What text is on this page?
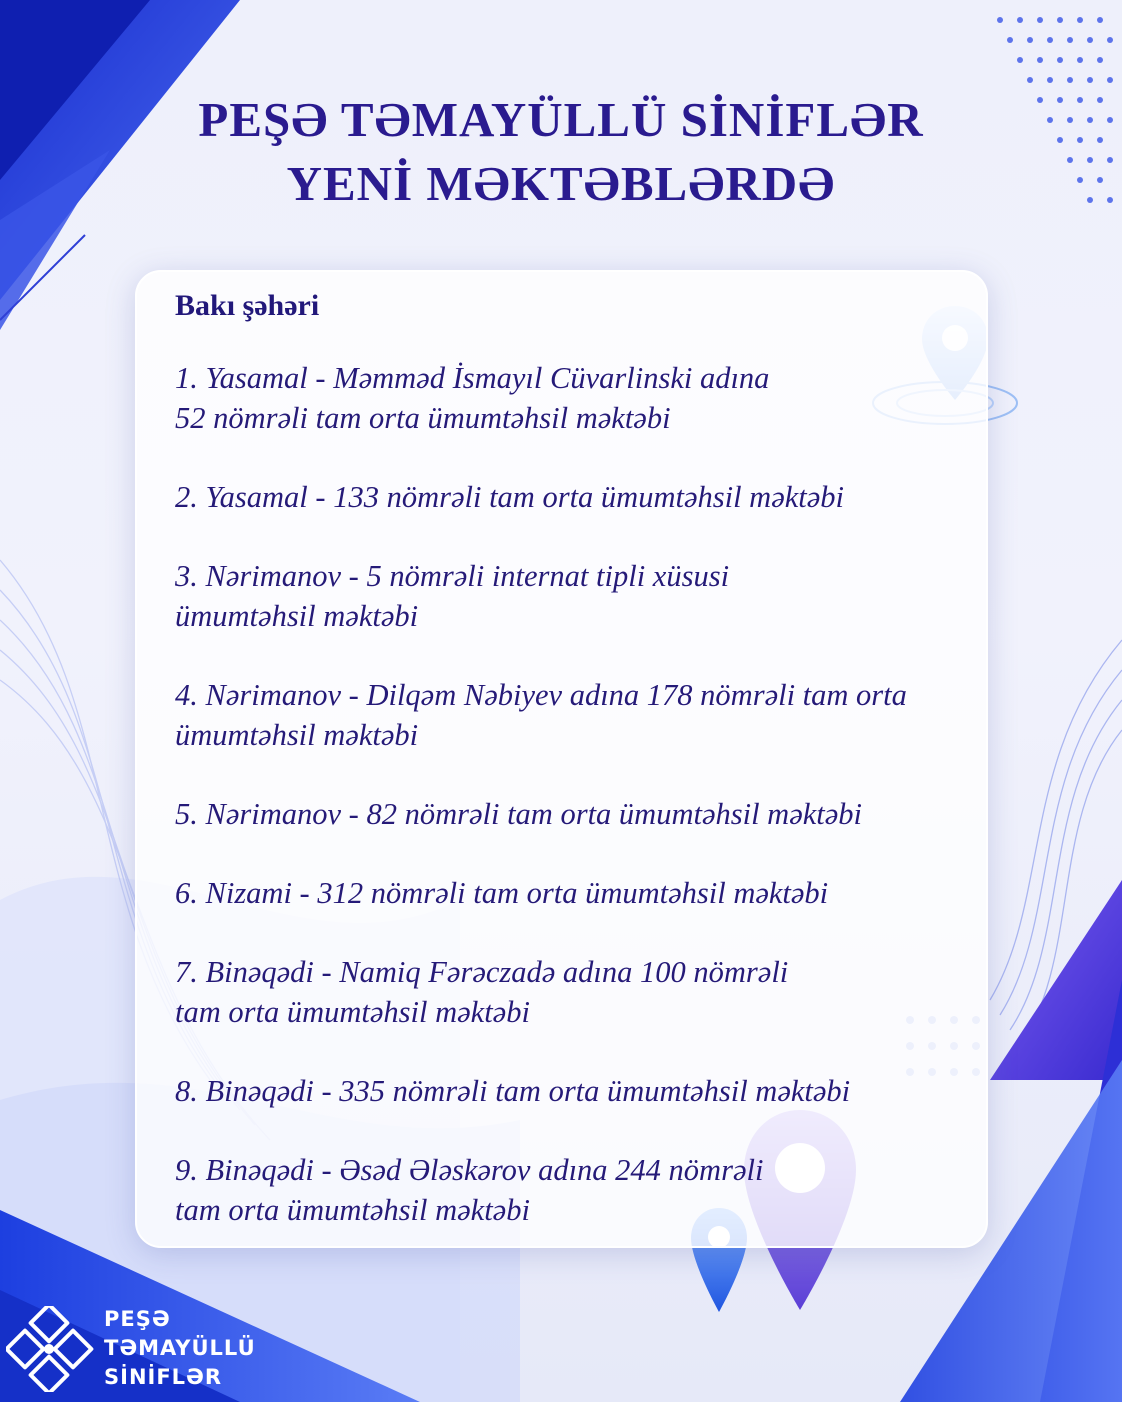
PEŞƏ TƏMAYÜLLÜ SİNİFLƏR
YENİ MƏKTƏBLƏRDƏ
Bakı şəhəri
1. Yasamal - Məmməd İsmayıl Cüvarlinski adına
52 nömrəli tam orta ümumtəhsil məktəbi
2. Yasamal - 133 nömrəli tam orta ümumtəhsil məktəbi
3. Nərimanov - 5 nömrəli internat tipli xüsusi
ümumtəhsil məktəbi
4. Nərimanov - Dilqəm Nəbiyev adına 178 nömrəli tam orta
ümumtəhsil məktəbi
5. Nərimanov - 82 nömrəli tam orta ümumtəhsil məktəbi
6. Nizami - 312 nömrəli tam orta ümumtəhsil məktəbi
7. Binəqədi - Namiq Fərəczadə adına 100 nömrəli
tam orta ümumtəhsil məktəbi
8. Binəqədi - 335 nömrəli tam orta ümumtəhsil məktəbi
9. Binəqədi - Əsəd Ələskərov adına 244 nömrəli
tam orta ümumtəhsil məktəbi
PEŞƏ
TƏMAYÜLLÜ
SİNİFLƏR
